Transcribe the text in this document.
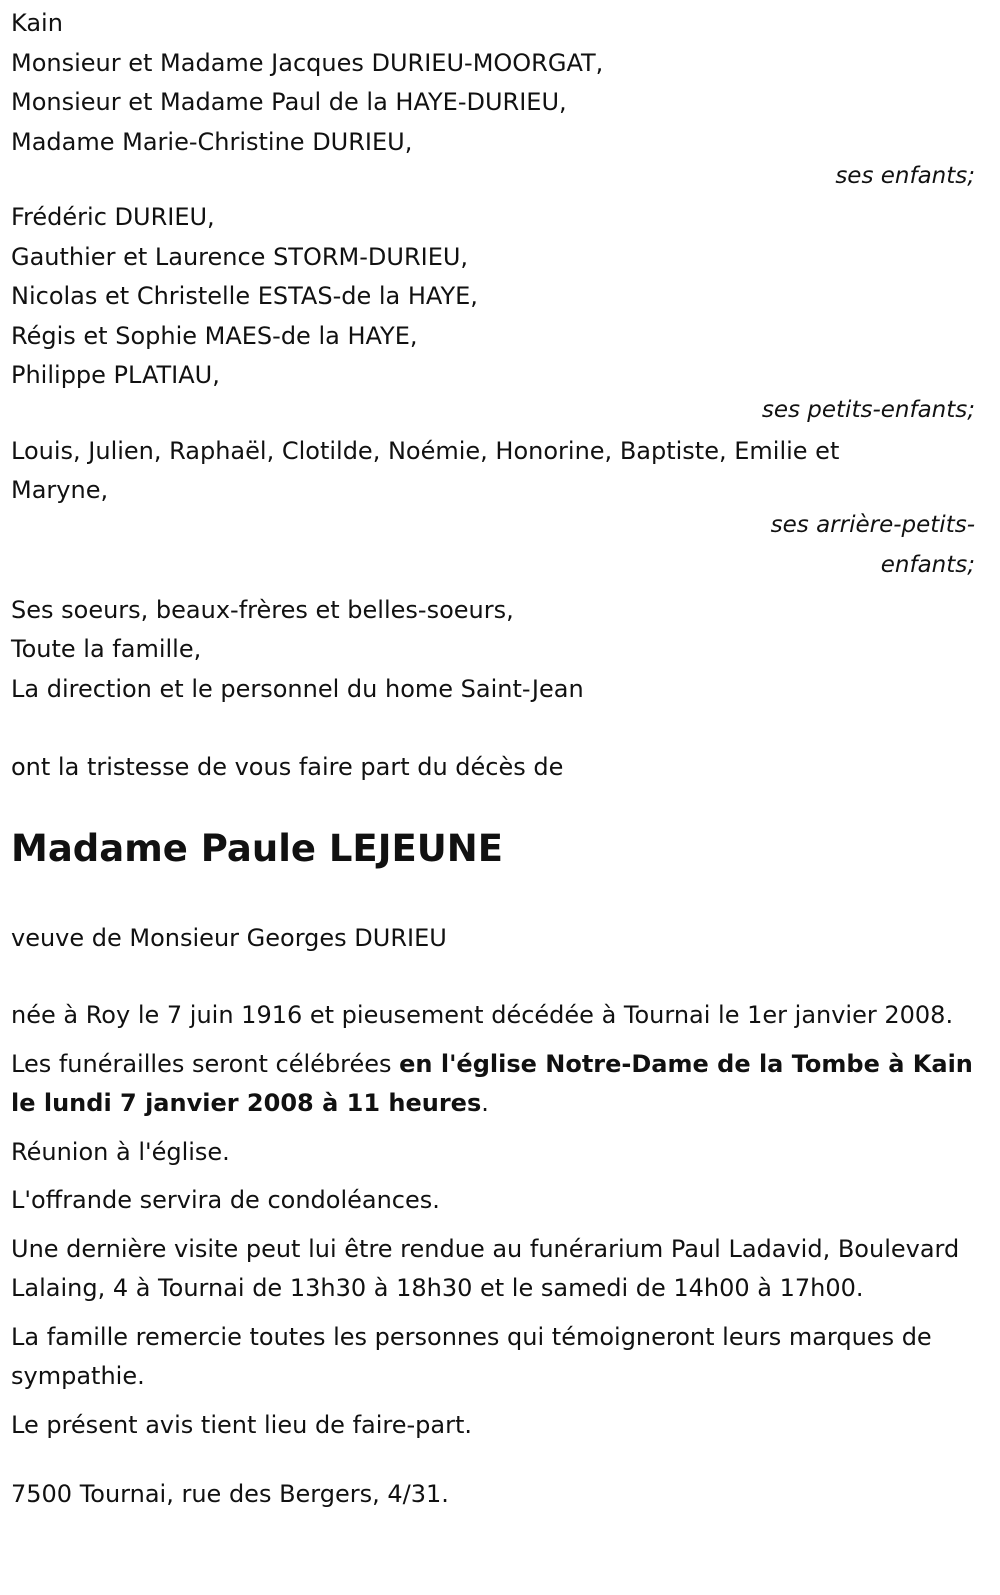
Kain
Monsieur et Madame Jacques DURIEU-MOORGAT,
Monsieur et Madame Paul de la HAYE-DURIEU,
Madame Marie-Christine DURIEU,
ses enfants;
Frédéric DURIEU,
Gauthier et Laurence STORM-DURIEU,
Nicolas et Christelle ESTAS-de la HAYE,
Régis et Sophie MAES-de la HAYE,
Philippe PLATIAU,
ses petits-enfants;
Louis, Julien, Raphaël, Clotilde, Noémie, Honorine, Baptiste, Emilie et Maryne,
ses arrière-petits-
enfants;
Ses soeurs, beaux-frères et belles-soeurs,
Toute la famille,
La direction et le personnel du home Saint-Jean
ont la tristesse de vous faire part du décès de
Madame Paule LEJEUNE
veuve de Monsieur Georges DURIEU
née à Roy le 7 juin 1916 et pieusement décédée à Tournai le 1er janvier 2008.
Les funérailles seront célébrées en l'église Notre-Dame de la Tombe à Kain le lundi 7 janvier 2008 à 11 heures.
Réunion à l'église.
L'offrande servira de condoléances.
Une dernière visite peut lui être rendue au funérarium Paul Ladavid, Boulevard Lalaing, 4 à Tournai de 13h30 à 18h30 et le samedi de 14h00 à 17h00.
La famille remercie toutes les personnes qui témoigneront leurs marques de sympathie.
Le présent avis tient lieu de faire-part.
7500 Tournai, rue des Bergers, 4/31.
